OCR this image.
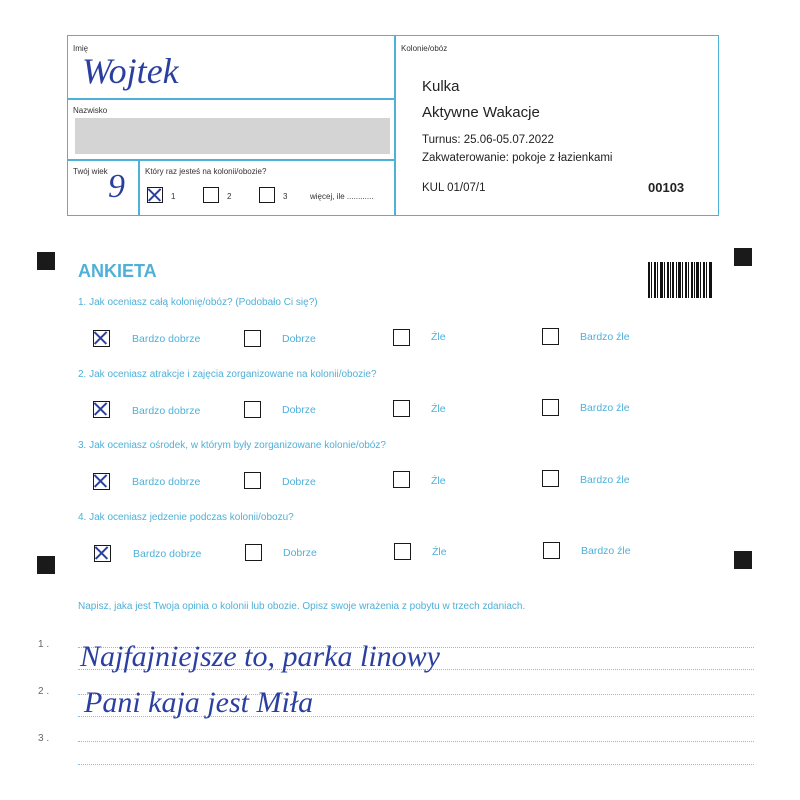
Imię
Wojtek
Nazwisko
Twój wiek 9	Który raz jesteś na kolonii/obozie?
1	2	3	więcej, ile ............
Kolonie/obóz
Kulka
Aktywne Wakacje
Turnus: 25.06-05.07.2022
Zakwaterowanie: pokoje z łazienkami
KUL 01/07/1	00103
ANKIETA
1. Jak oceniasz całą kolonię/obóz? (Podobało Ci się?)
Bardzo dobrze	Dobrze	Źle	Bardzo źle
2. Jak oceniasz atrakcje i zajęcia zorganizowane na kolonii/obozie?
Bardzo dobrze	Dobrze	Źle	Bardzo źle
3. Jak oceniasz ośrodek, w którym były zorganizowane kolonie/obóz?
Bardzo dobrze	Dobrze	Źle	Bardzo źle
4. Jak oceniasz jedzenie podczas kolonii/obozu?
Bardzo dobrze	Dobrze	Źle	Bardzo źle
Napisz, jaka jest Twoja opinia o kolonii lub obozie. Opisz swoje wrażenia z pobytu w trzech zdaniach.
1 . Najfajniejsze to, parka linowy
2 . Pani kaja jest Miła
3 .
